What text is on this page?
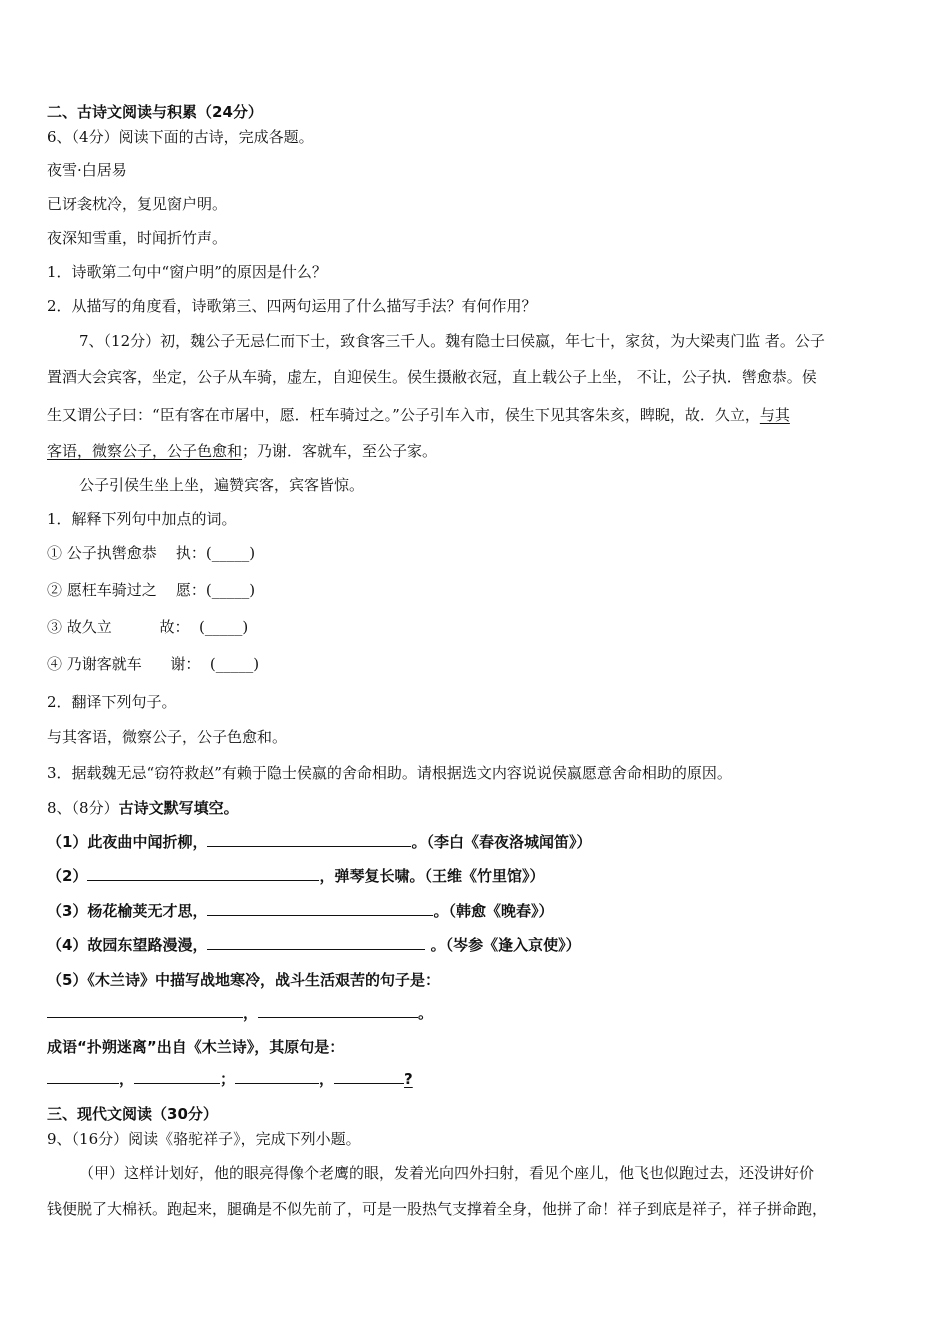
二、古诗文阅读与积累（24分）
6、（4分）阅读下面的古诗，完成各题。
夜雪·白居易
已讶衾枕冷，复见窗户明。
夜深知雪重，时闻折竹声。
1．诗歌第二句中“窗户明”的原因是什么？
2．从描写的角度看，诗歌第三、四两句运用了什么描写手法？有何作用？
7、（12分）初，魏公子无忌仁而下士，致食客三千人。魏有隐士曰侯嬴，年七十，家贫，为大梁夷门监 者。公子
置酒大会宾客，坐定，公子从车骑，虚左，自迎侯生。侯生摄敝衣冠，直上载公子上坐， 不让，公子执．辔愈恭。侯
生又谓公子曰：“臣有客在市屠中，愿．枉车骑过之。”公子引车入市，侯生下见其客朱亥，睥睨，故．久立，与其
客语，微察公子，公子色愈和；乃谢．客就车，至公子家。
公子引侯生坐上坐，遍赞宾客，宾客皆惊。
1．解释下列句中加点的词。
① 公子执辔愈恭    执：(_____)
② 愿枉车骑过之    愿：(_____)
③ 故久立          故：  (_____)
④ 乃谢客就车      谢：  (_____)
2．翻译下列句子。
与其客语，微察公子，公子色愈和。
3．据载魏无忌“窃符救赵”有赖于隐士侯嬴的舍命相助。请根据选文内容说说侯嬴愿意舍命相助的原因。
8、（8分）古诗文默写填空。
（1）此夜曲中闻折柳，	。（李白《春夜洛城闻笛》）
（2）	，弹琴复长啸。（王维《竹里馆》）
（3）杨花榆荚无才思，	。（韩愈《晚春》）
（4）故园东望路漫漫，	。（岑参《逢入京使》）
（5）《木兰诗》中描写战地寒冷，战斗生活艰苦的句子是：
，	。
成语“扑朔迷离”出自《木兰诗》，其原句是：
，	；	，	?
三、现代文阅读（30分）
9、（16分）阅读《骆驼祥子》，完成下列小题。
（甲）这样计划好，他的眼亮得像个老鹰的眼，发着光向四外扫射，看见个座儿，他飞也似跑过去，还没讲好价
钱便脱了大棉袄。跑起来，腿确是不似先前了，可是一股热气支撑着全身，他拼了命！祥子到底是祥子，祥子拼命跑，
